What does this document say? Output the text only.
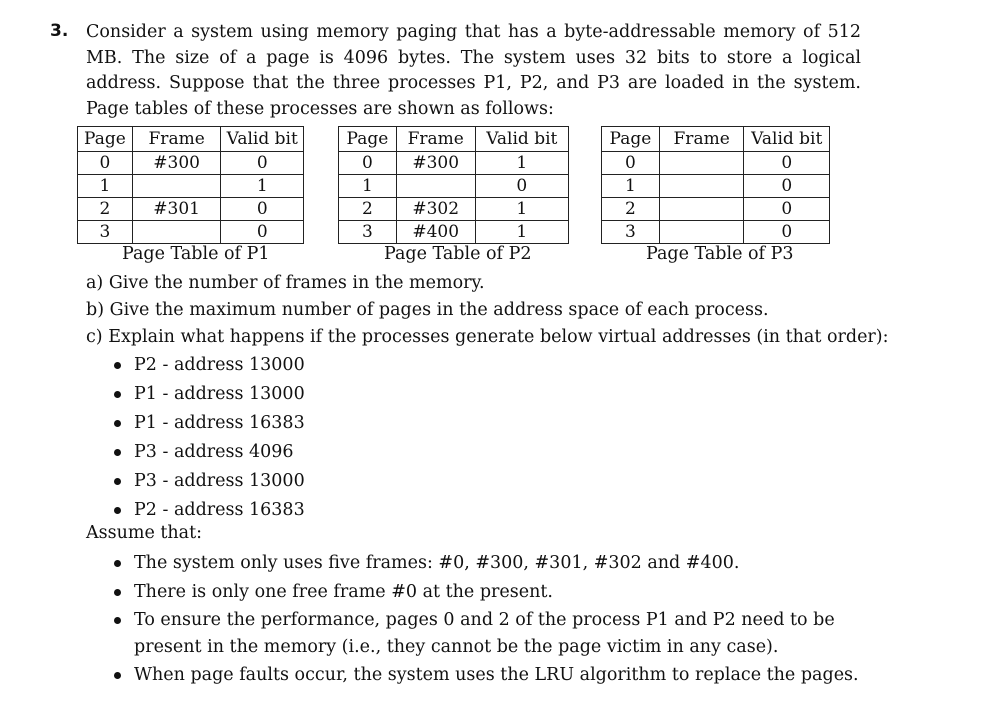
3. Consider a system using memory paging that has a byte-addressable memory of 512 MB. The size of a page is 4096 bytes. The system uses 32 bits to store a logical address. Suppose that the three processes P1, P2, and P3 are loaded in the system. Page tables of these processes are shown as follows:
Page	Frame	Valid bit
0	#300	0
1		1
2	#301	0
3		0
Page Table of P1
Page	Frame	Valid bit
0	#300	1
1		0
2	#302	1
3	#400	1
Page Table of P2
Page	Frame	Valid bit
0		0
1		0
2		0
3		0
Page Table of P3
a) Give the number of frames in the memory.
b) Give the maximum number of pages in the address space of each process.
c) Explain what happens if the processes generate below virtual addresses (in that order):
P2 - address 13000
P1 - address 13000
P1 - address 16383
P3 - address 4096
P3 - address 13000
P2 - address 16383
Assume that:
The system only uses five frames: #0, #300, #301, #302 and #400.
There is only one free frame #0 at the present.
To ensure the performance, pages 0 and 2 of the process P1 and P2 need to be present in the memory (i.e., they cannot be the page victim in any case).
When page faults occur, the system uses the LRU algorithm to replace the pages.
